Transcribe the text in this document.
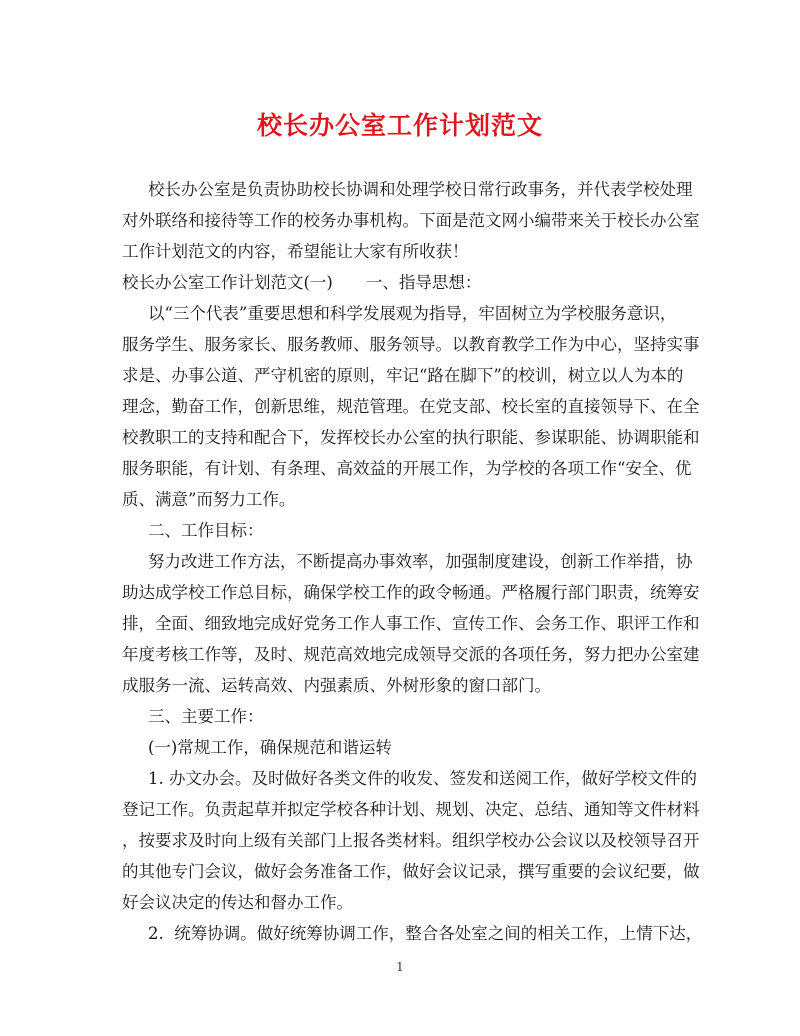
校长办公室工作计划范文

校长办公室是负责协助校长协调和处理学校日常行政事务，并代表学校处理

对外联络和接待等工作的校务办事机构。下面是范文网小编带来关于校长办公室

工作计划范文的内容，希望能让大家有所收获！

校长办公室工作计划范文(一)　　一、指导思想：

以“三个代表”重要思想和科学发展观为指导，牢固树立为学校服务意识，

服务学生、服务家长、服务教师、服务领导。以教育教学工作为中心，坚持实事

求是、办事公道、严守机密的原则，牢记“路在脚下”的校训，树立以人为本的

理念，勤奋工作，创新思维，规范管理。在党支部、校长室的直接领导下、在全

校教职工的支持和配合下，发挥校长办公室的执行职能、参谋职能、协调职能和

服务职能，有计划、有条理、高效益的开展工作，为学校的各项工作“安全、优

质、满意”而努力工作。

二、工作目标：

努力改进工作方法，不断提高办事效率，加强制度建设，创新工作举措，协

助达成学校工作总目标，确保学校工作的政令畅通。严格履行部门职责，统筹安

排，全面、细致地完成好党务工作人事工作、宣传工作、会务工作、职评工作和

年度考核工作等，及时、规范高效地完成领导交派的各项任务，努力把办公室建

成服务一流、运转高效、内强素质、外树形象的窗口部门。

三、主要工作：

(一)常规工作，确保规范和谐运转

1. 办文办会。及时做好各类文件的收发、签发和送阅工作，做好学校文件的

登记工作。负责起草并拟定学校各种计划、规划、决定、总结、通知等文件材料

，按要求及时向上级有关部门上报各类材料。组织学校办公会议以及校领导召开

的其他专门会议，做好会务准备工作，做好会议记录，撰写重要的会议纪要，做

好会议决定的传达和督办工作。

2.  统筹协调。做好统筹协调工作，整合各处室之间的相关工作，上情下达，

1
